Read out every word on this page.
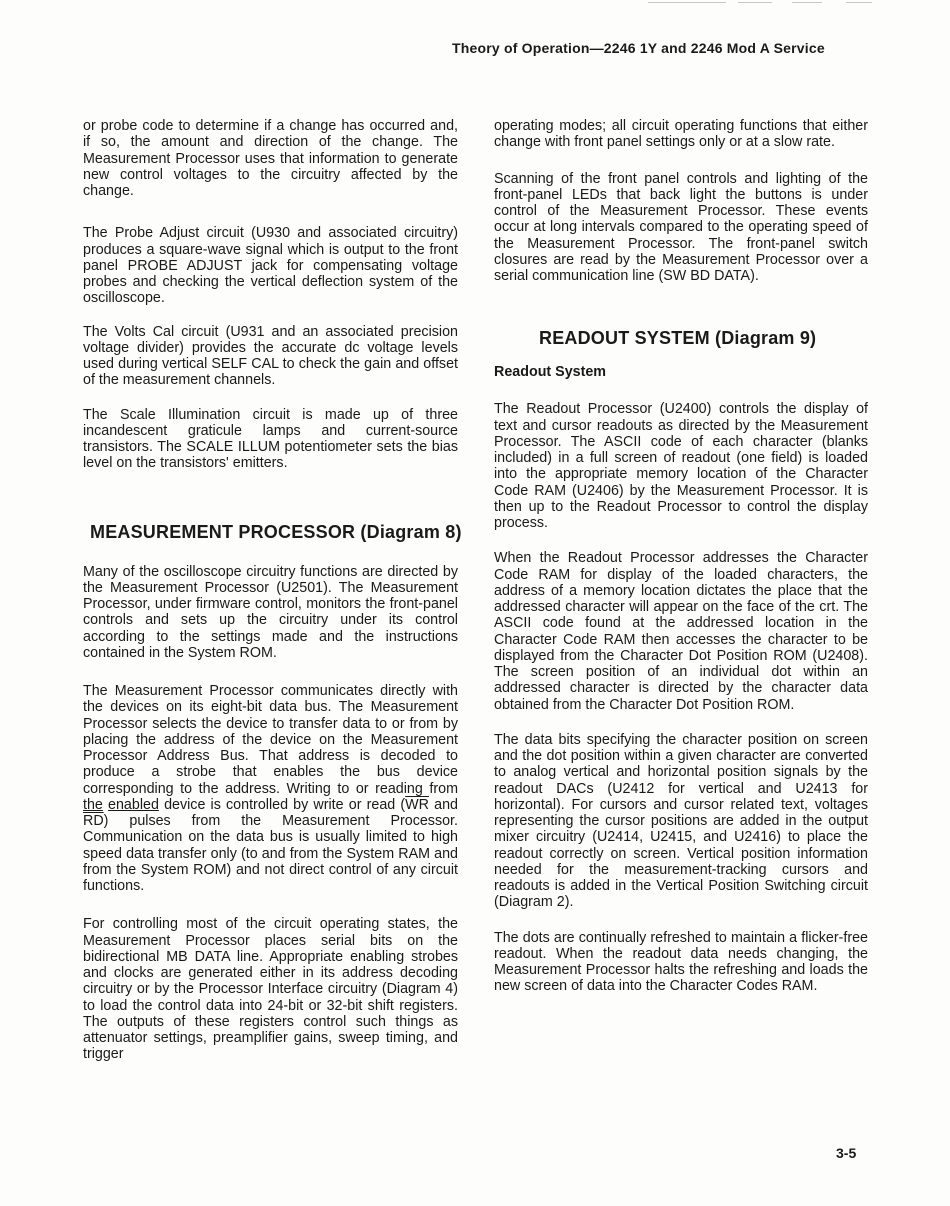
Theory of Operation—2246 1Y and 2246 Mod A Service

or probe code to determine if a change has occurred and, if so, the amount and direction of the change. The Measurement Processor uses that information to generate new control voltages to the circuitry affected by the change.

The Probe Adjust circuit (U930 and associated circuitry) produces a square-wave signal which is output to the front panel PROBE ADJUST jack for compensating voltage probes and checking the vertical deflection system of the oscilloscope.

The Volts Cal circuit (U931 and an associated precision voltage divider) provides the accurate dc voltage levels used during vertical SELF CAL to check the gain and offset of the measurement channels.

The Scale Illumination circuit is made up of three incandescent graticule lamps and current-source transistors. The SCALE ILLUM potentiometer sets the bias level on the transistors' emitters.

MEASUREMENT PROCESSOR (Diagram 8)

Many of the oscilloscope circuitry functions are directed by the Measurement Processor (U2501). The Measurement Processor, under firmware control, monitors the front-panel controls and sets up the circuitry under its control according to the settings made and the instructions contained in the System ROM.

The Measurement Processor communicates directly with the devices on its eight-bit data bus. The Measurement Processor selects the device to transfer data to or from by placing the address of the device on the Measurement Processor Address Bus. That address is decoded to produce a strobe that enables the bus device corresponding to the address. Writing to or reading from the enabled device is controlled by write or read ($\overline{WR}$ and $\overline{RD}$) pulses from the Measurement Processor. Communication on the data bus is usually limited to high speed data transfer only (to and from the System RAM and from the System ROM) and not direct control of any circuit functions.

For controlling most of the circuit operating states, the Measurement Processor places serial bits on the bidirectional MB DATA line. Appropriate enabling strobes and clocks are generated either in its address decoding circuitry or by the Processor Interface circuitry (Diagram 4) to load the control data into 24-bit or 32-bit shift registers. The outputs of these registers control such things as attenuator settings, preamplifier gains, sweep timing, and trigger

operating modes; all circuit operating functions that either change with front panel settings only or at a slow rate.

Scanning of the front panel controls and lighting of the front-panel LEDs that back light the buttons is under control of the Measurement Processor. These events occur at long intervals compared to the operating speed of the Measurement Processor. The front-panel switch closures are read by the Measurement Processor over a serial communication line (SW BD DATA).

READOUT SYSTEM (Diagram 9)
Readout System

The Readout Processor (U2400) controls the display of text and cursor readouts as directed by the Measurement Processor. The ASCII code of each character (blanks included) in a full screen of readout (one field) is loaded into the appropriate memory location of the Character Code RAM (U2406) by the Measurement Processor. It is then up to the Readout Processor to control the display process.

When the Readout Processor addresses the Character Code RAM for display of the loaded characters, the address of a memory location dictates the place that the addressed character will appear on the face of the crt. The ASCII code found at the addressed location in the Character Code RAM then accesses the character to be displayed from the Character Dot Position ROM (U2408). The screen position of an individual dot within an addressed character is directed by the character data obtained from the Character Dot Position ROM.

The data bits specifying the character position on screen and the dot position within a given character are converted to analog vertical and horizontal position signals by the readout DACs (U2412 for vertical and U2413 for horizontal). For cursors and cursor related text, voltages representing the cursor positions are added in the output mixer circuitry (U2414, U2415, and U2416) to place the readout correctly on screen. Vertical position information needed for the measurement-tracking cursors and readouts is added in the Vertical Position Switching circuit (Diagram 2).

The dots are continually refreshed to maintain a flicker-free readout. When the readout data needs changing, the Measurement Processor halts the refreshing and loads the new screen of data into the Character Codes RAM.

3-5
